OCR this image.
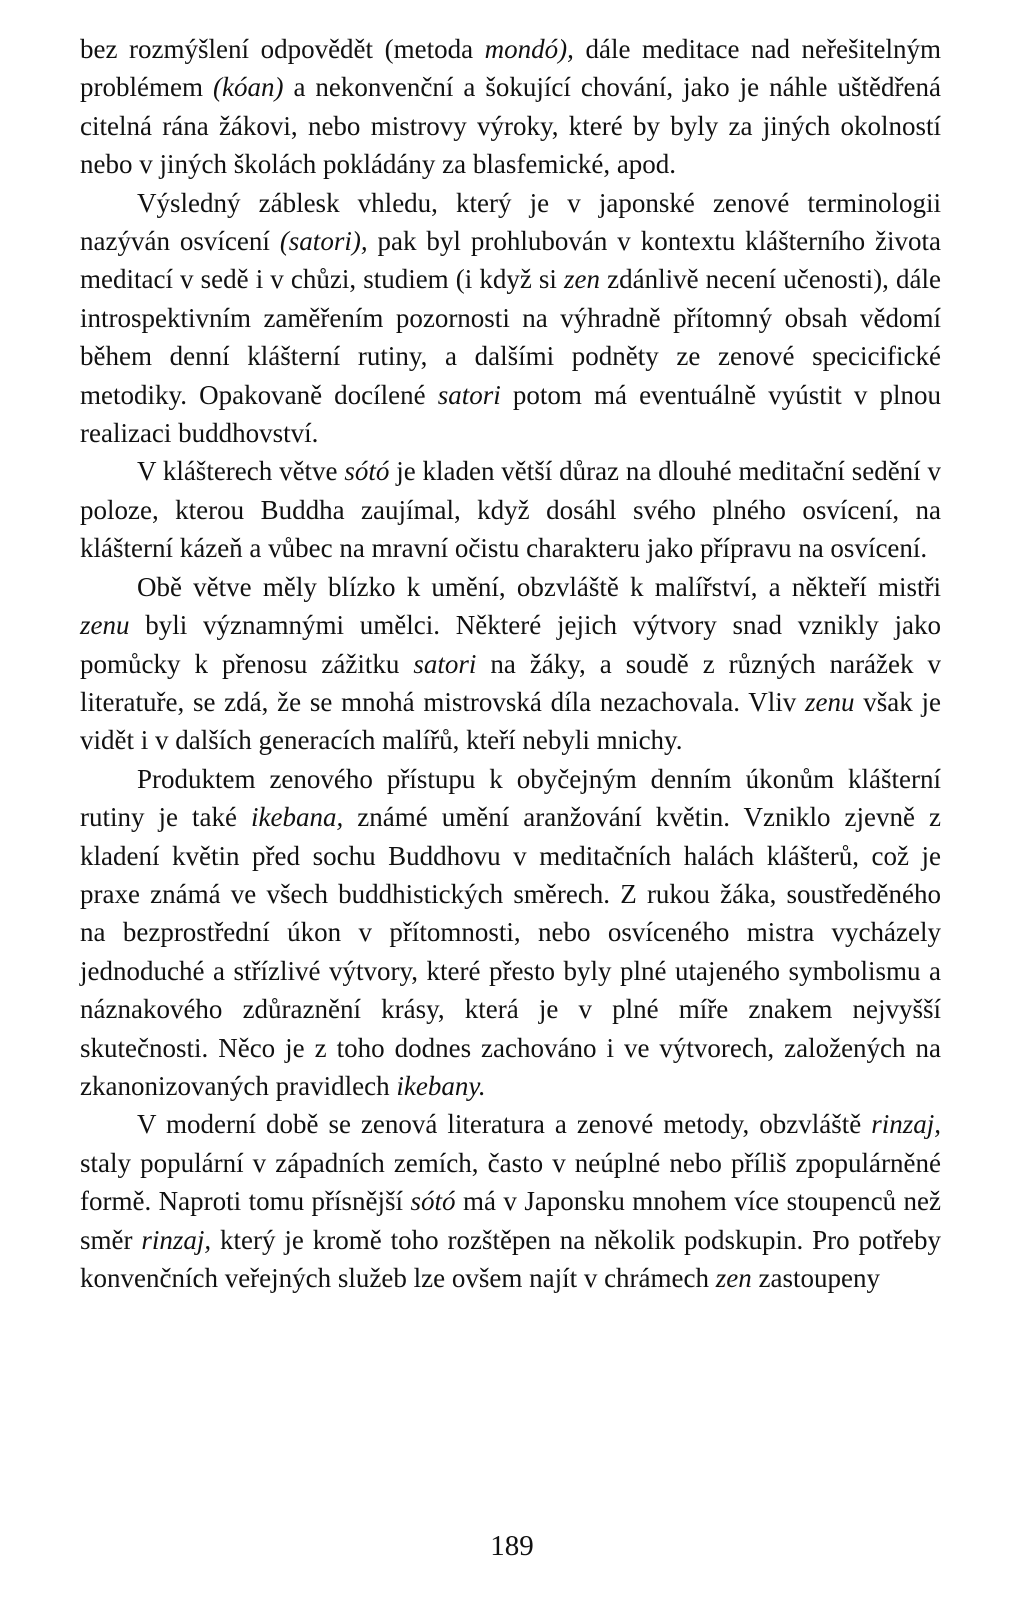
bez rozmýšlení odpovědět (metoda mondó), dále meditace nad neřešitelným problémem (kóan) a nekonvenční a šokující chování, jako je náhle uštědřená citelná rána žákovi, nebo mistrovy výroky, které by byly za jiných okolností nebo v jiných školách pokládány za blasfemické, apod.

Výsledný záblesk vhledu, který je v japonské zenové terminologii nazýván osvícení (satori), pak byl prohlubován v kontextu klášterního života meditací v sedě i v chůzi, studiem (i když si zen zdánlivě necení učenosti), dále introspektivním zaměřením pozornosti na výhradně přítomný obsah vědomí během denní klášterní rutiny, a dalšími podněty ze zenové specicifické metodiky. Opakovaně docílené satori potom má eventuálně vyústit v plnou realizaci buddhovství.

V klášterech větve sótó je kladen větší důraz na dlouhé meditační sedění v poloze, kterou Buddha zaujímal, když dosáhl svého plného osvícení, na klášterní kázeň a vůbec na mravní očistu charakteru jako přípravu na osvícení.

Obě větve měly blízko k umění, obzvláště k malířství, a někteří mistři zenu byli významnými umělci. Některé jejich výtvory snad vznikly jako pomůcky k přenosu zážitku satori na žáky, a soudě z různých narážek v literatuře, se zdá, že se mnohá mistrovská díla nezachovala. Vliv zenu však je vidět i v dalších generacích malířů, kteří nebyli mnichy.

Produktem zenového přístupu k obyčejným denním úkonům klášterní rutiny je také ikebana, známé umění aranžování květin. Vzniklo zjevně z kladení květin před sochu Buddhovu v meditačních halách klášterů, což je praxe známá ve všech buddhistických směrech. Z rukou žáka, soustředěného na bezprostřední úkon v přítomnosti, nebo osvíceného mistra vycházely jednoduché a střízlivé výtvory, které přesto byly plné utajeného symbolismu a náznakového zdůraznění krásy, která je v plné míře znakem nejvyšší skutečnosti. Něco je z toho dodnes zachováno i ve výtvorech, založených na zkanonizovaných pravidlech ikebany.

V moderní době se zenová literatura a zenové metody, obzvláště rinzaj, staly populární v západních zemích, často v neúplné nebo příliš zpopulárněné formě. Naproti tomu přísnější sótó má v Japonsku mnohem více stoupenců než směr rinzaj, který je kromě toho rozštěpen na několik podskupin. Pro potřeby konvenčních veřejných služeb lze ovšem najít v chrámech zen zastoupeny

189
